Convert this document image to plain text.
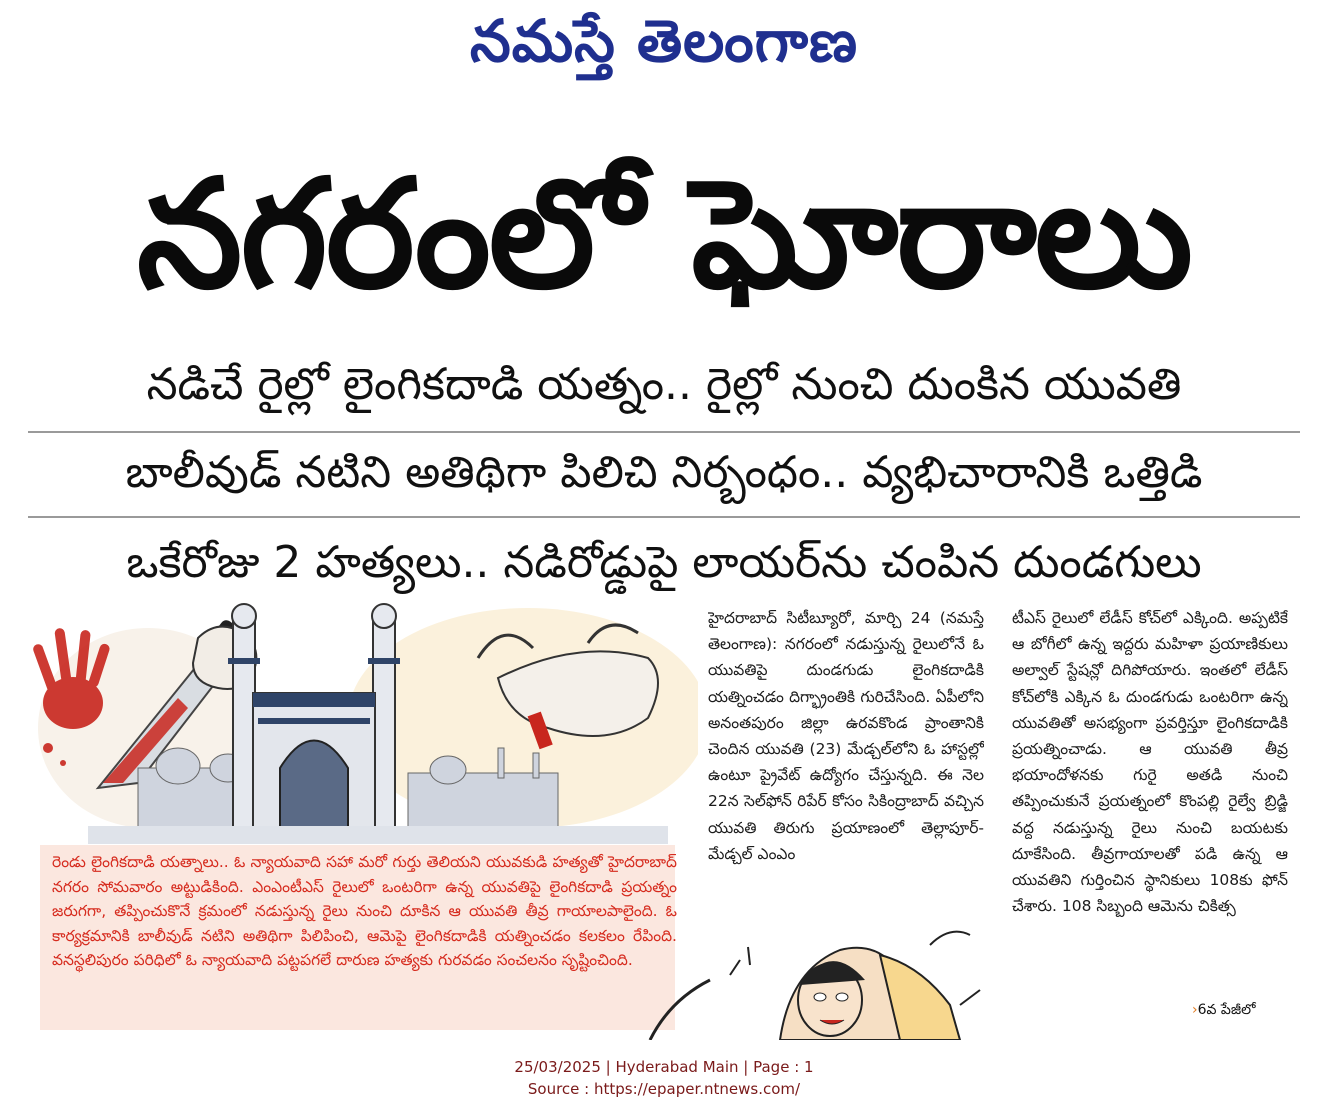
నమస్తే తెలంగాణ
నగరంలో ఘోరాలు
నడిచే రైల్లో లైంగికదాడి యత్నం.. రైల్లో నుంచి దుంకిన యువతి
బాలీవుడ్ నటిని అతిథిగా పిలిచి నిర్బంధం.. వ్యభిచారానికి ఒత్తిడి
ఒకేరోజు 2 హత్యలు.. నడిరోడ్డుపై లాయర్‌ను చంపిన దుండగులు
రెండు లైంగికదాడి యత్నాలు.. ఓ న్యాయవాది సహా మరో గుర్తు తెలియని యువకుడి హత్యతో హైదరాబాద్ నగరం సోమవారం అట్టుడికింది. ఎంఎంటీఎస్ రైలులో ఒంటరిగా ఉన్న యువతిపై లైంగికదాడి ప్రయత్నం జరుగగా, తప్పించుకొనే క్రమంలో నడుస్తున్న రైలు నుంచి దూకిన ఆ యువతి తీవ్ర గాయాలపాలైంది. ఓ కార్యక్రమానికి బాలీవుడ్ నటిని అతిథిగా పిలిపించి, ఆమెపై లైంగికదాడికి యత్నించడం కలకలం రేపింది. వనస్థలిపురం పరిధిలో ఓ న్యాయవాది పట్టపగలే దారుణ హత్యకు గురవడం సంచలనం సృష్టించింది.
హైదరాబాద్ సిటీబ్యూరో, మార్చి 24 (నమస్తే తెలంగాణ): నగరంలో నడుస్తున్న రైలులోనే ఓ యువతిపై దుండగుడు లైంగికదాడికి యత్నించడం దిగ్భ్రాంతికి గురిచేసింది. ఏపీలోని అనంతపురం జిల్లా ఉరవకొండ ప్రాంతానికి చెందిన యువతి (23) మేడ్చల్‌లోని ఓ హాస్టల్లో ఉంటూ ప్రైవేట్ ఉద్యోగం చేస్తున్నది. ఈ నెల 22న సెల్‌ఫోన్ రిపేర్ కోసం సికింద్రాబాద్ వచ్చిన యువతి తిరుగు ప్రయాణంలో తెల్లాపూర్-మేడ్చల్ ఎంఎం
టీఎస్ రైలులో లేడీస్ కోచ్‌లో ఎక్కింది. అప్పటికే ఆ బోగీలో ఉన్న ఇద్దరు మహిళా ప్రయాణికులు అల్వాల్ స్టేషన్లో దిగిపోయారు. ఇంతలో లేడీస్ కోచ్‌లోకి ఎక్కిన ఓ దుండగుడు ఒంటరిగా ఉన్న యువతితో అసభ్యంగా ప్రవర్తిస్తూ లైంగికదాడికి ప్రయత్నించాడు. ఆ యువతి తీవ్ర భయాందోళనకు గురై అతడి నుంచి తప్పించుకునే ప్రయత్నంలో కొంపల్లి రైల్వే బ్రిడ్జి వద్ద నడుస్తున్న రైలు నుంచి బయటకు దూకేసింది. తీవ్రగాయాలతో పడి ఉన్న ఆ యువతిని గుర్తించిన స్థానికులు 108కు ఫోన్ చేశారు. 108 సిబ్బంది ఆమెను చికిత్స
›6వ పేజీలో
25/03/2025 | Hyderabad Main | Page : 1
Source : https://epaper.ntnews.com/
